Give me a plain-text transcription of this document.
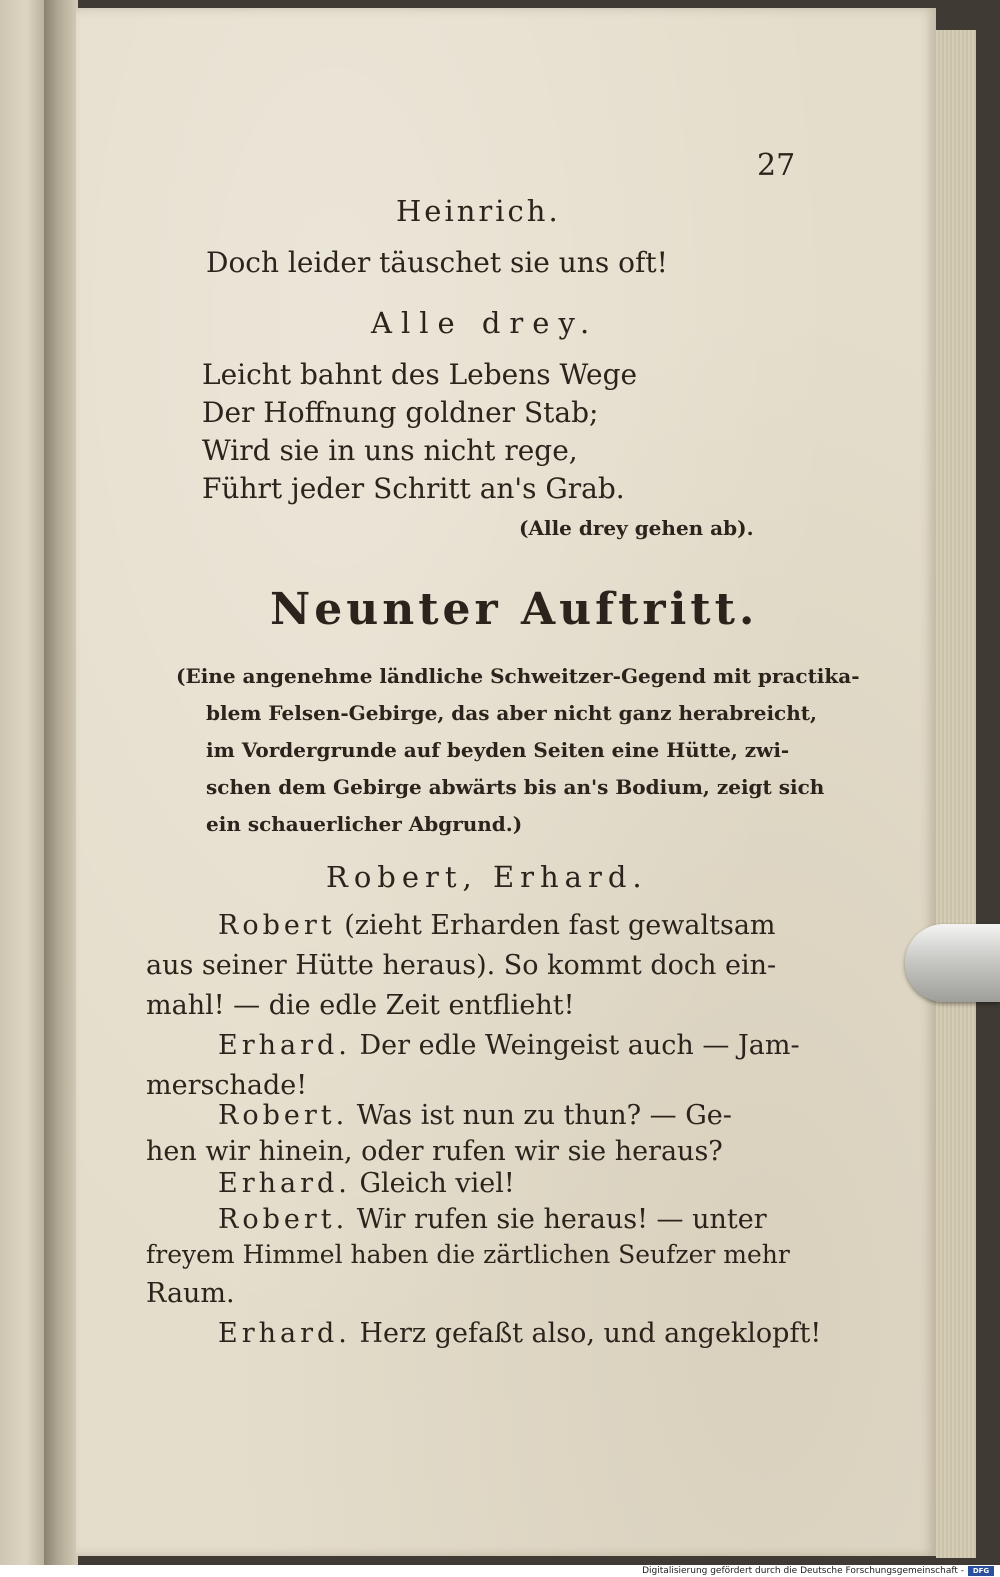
27

Heinrich.

Doch leider täuschet sie uns oft!

Alle drey.

Leicht bahnt des Lebens Wege

Der Hoffnung goldner Stab;

Wird sie in uns nicht rege,

Führt jeder Schritt an's Grab.

(Alle drey gehen ab).

Neunter Auftritt.

(Eine angenehme ländliche Schweitzer-Gegend mit practika-

blem Felsen-Gebirge, das aber nicht ganz herabreicht,

im Vordergrunde auf beyden Seiten eine Hütte, zwi-

schen dem Gebirge abwärts bis an's Bodium, zeigt sich

ein schauerlicher Abgrund.)

Robert, Erhard.

Robert (zieht Erharden fast gewaltsam

aus seiner Hütte heraus). So kommt doch ein-

mahl! — die edle Zeit entflieht!

Erhard. Der edle Weingeist auch — Jam-

merschade!

Robert. Was ist nun zu thun? — Ge-

hen wir hinein, oder rufen wir sie heraus?

Erhard. Gleich viel!

Robert. Wir rufen sie heraus! — unter

freyem Himmel haben die zärtlichen Seufzer mehr

Raum.

Erhard. Herz gefaßt also, und angeklopft!

Digitalisierung gefördert durch die Deutsche Forschungsgemeinschaft -	DFG
